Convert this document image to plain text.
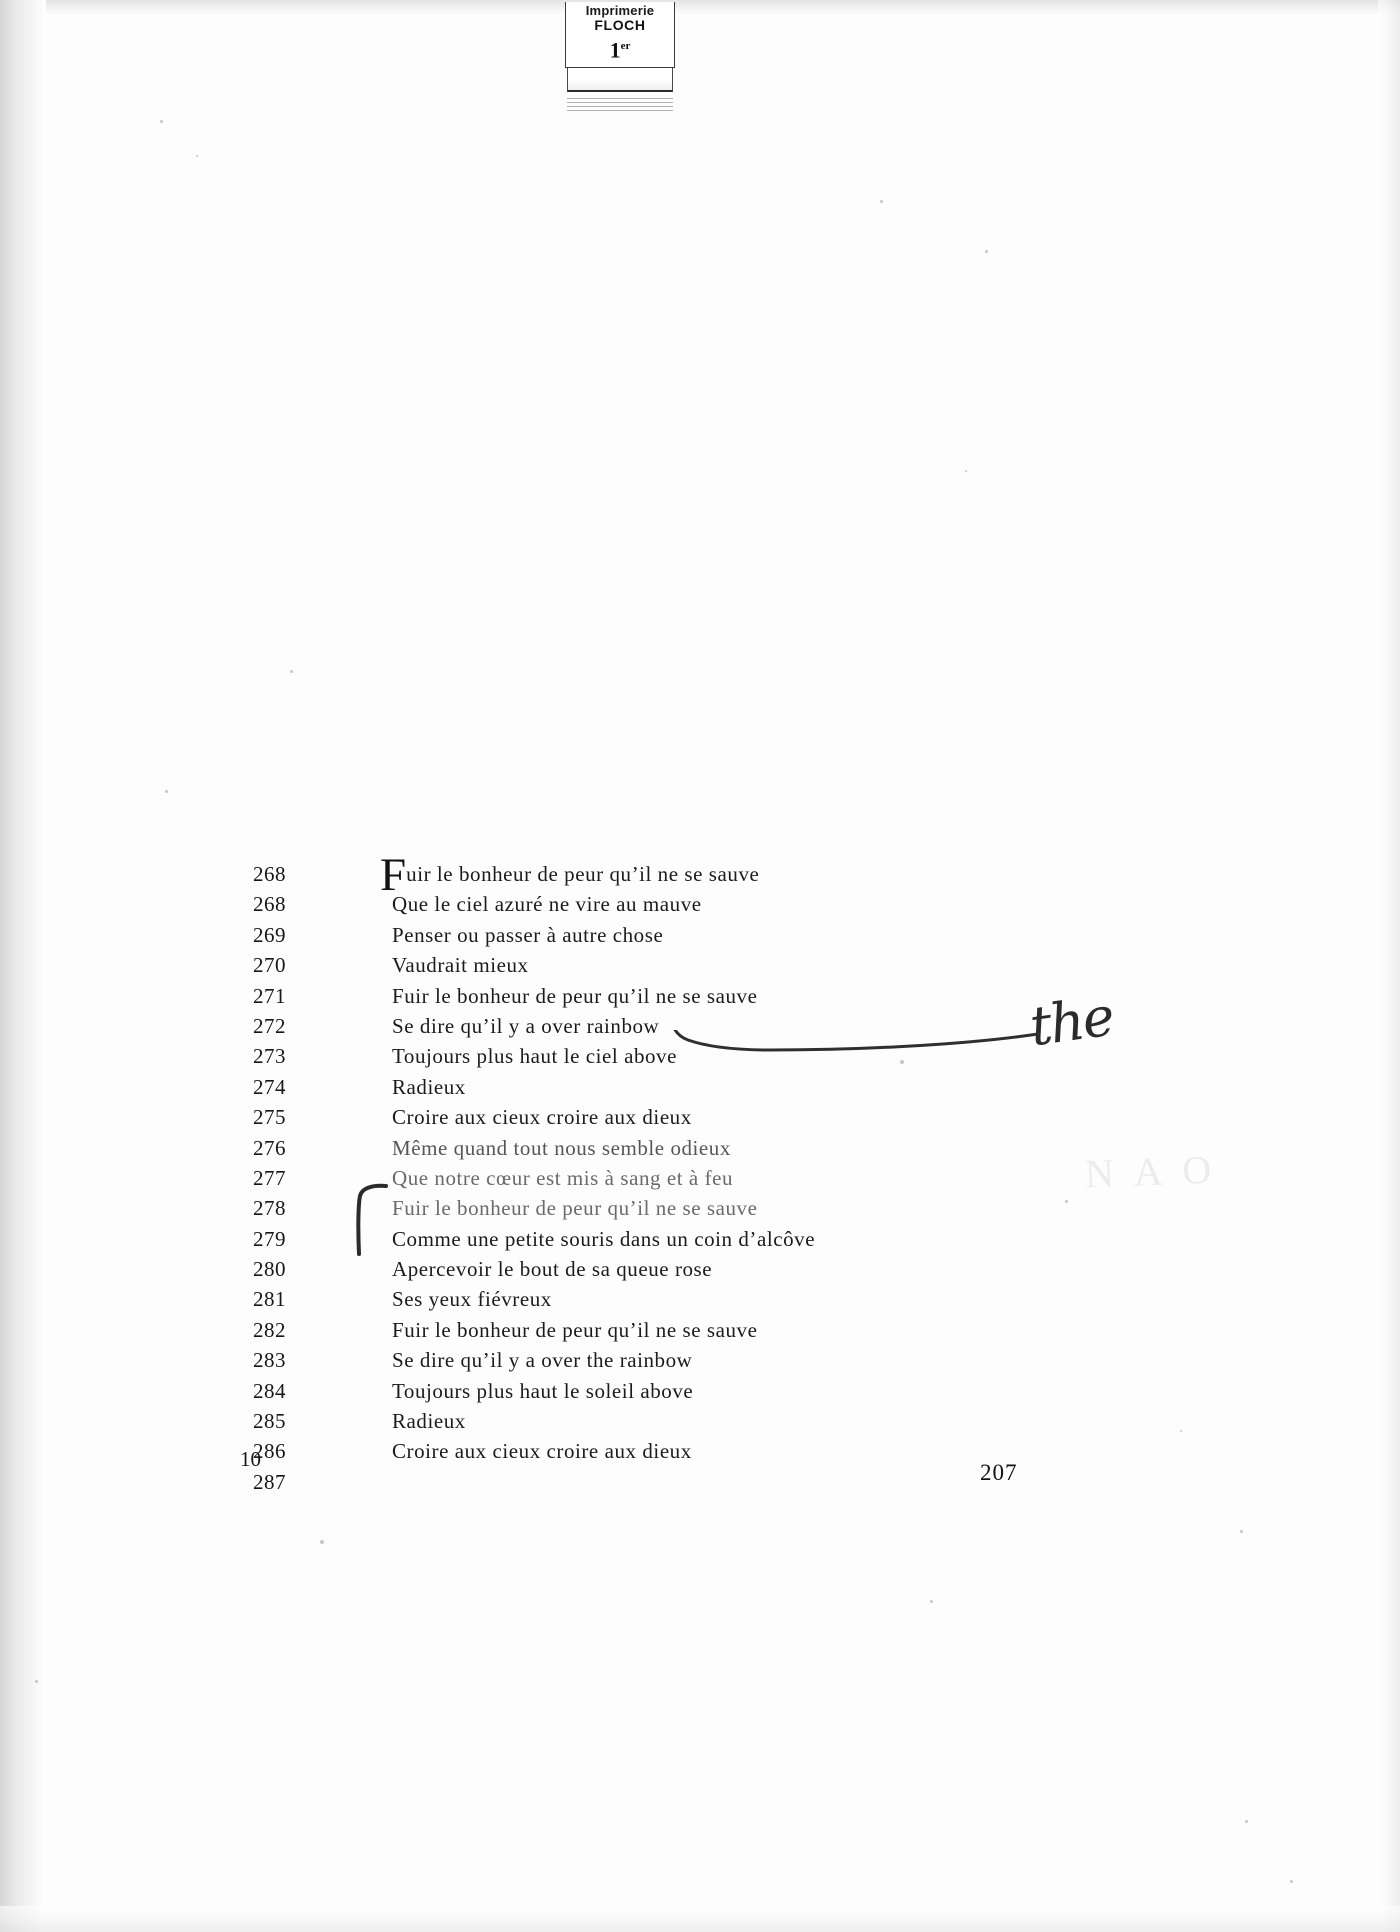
Imprimerie
FLOCH
1er
268 Fuir le bonheur de peur qu’il ne se sauve
268	Que le ciel azuré ne vire au mauve
269	Penser ou passer à autre chose
270	Vaudrait mieux
271	Fuir le bonheur de peur qu’il ne se sauve
272	Se dire qu’il y a over rainbow
273	Toujours plus haut le ciel above
274	Radieux
275	Croire aux cieux croire aux dieux
276	Même quand tout nous semble odieux
277	Que notre cœur est mis à sang et à feu
278	Fuir le bonheur de peur qu’il ne se sauve
279	Comme une petite souris dans un coin d’alcôve
280	Apercevoir le bout de sa queue rose
281	Ses yeux fiévreux
282	Fuir le bonheur de peur qu’il ne se sauve
283	Se dire qu’il y a over the rainbow
284	Toujours plus haut le soleil above
285	Radieux
286	Croire aux cieux croire aux dieux
287
10
207
N A O
the
